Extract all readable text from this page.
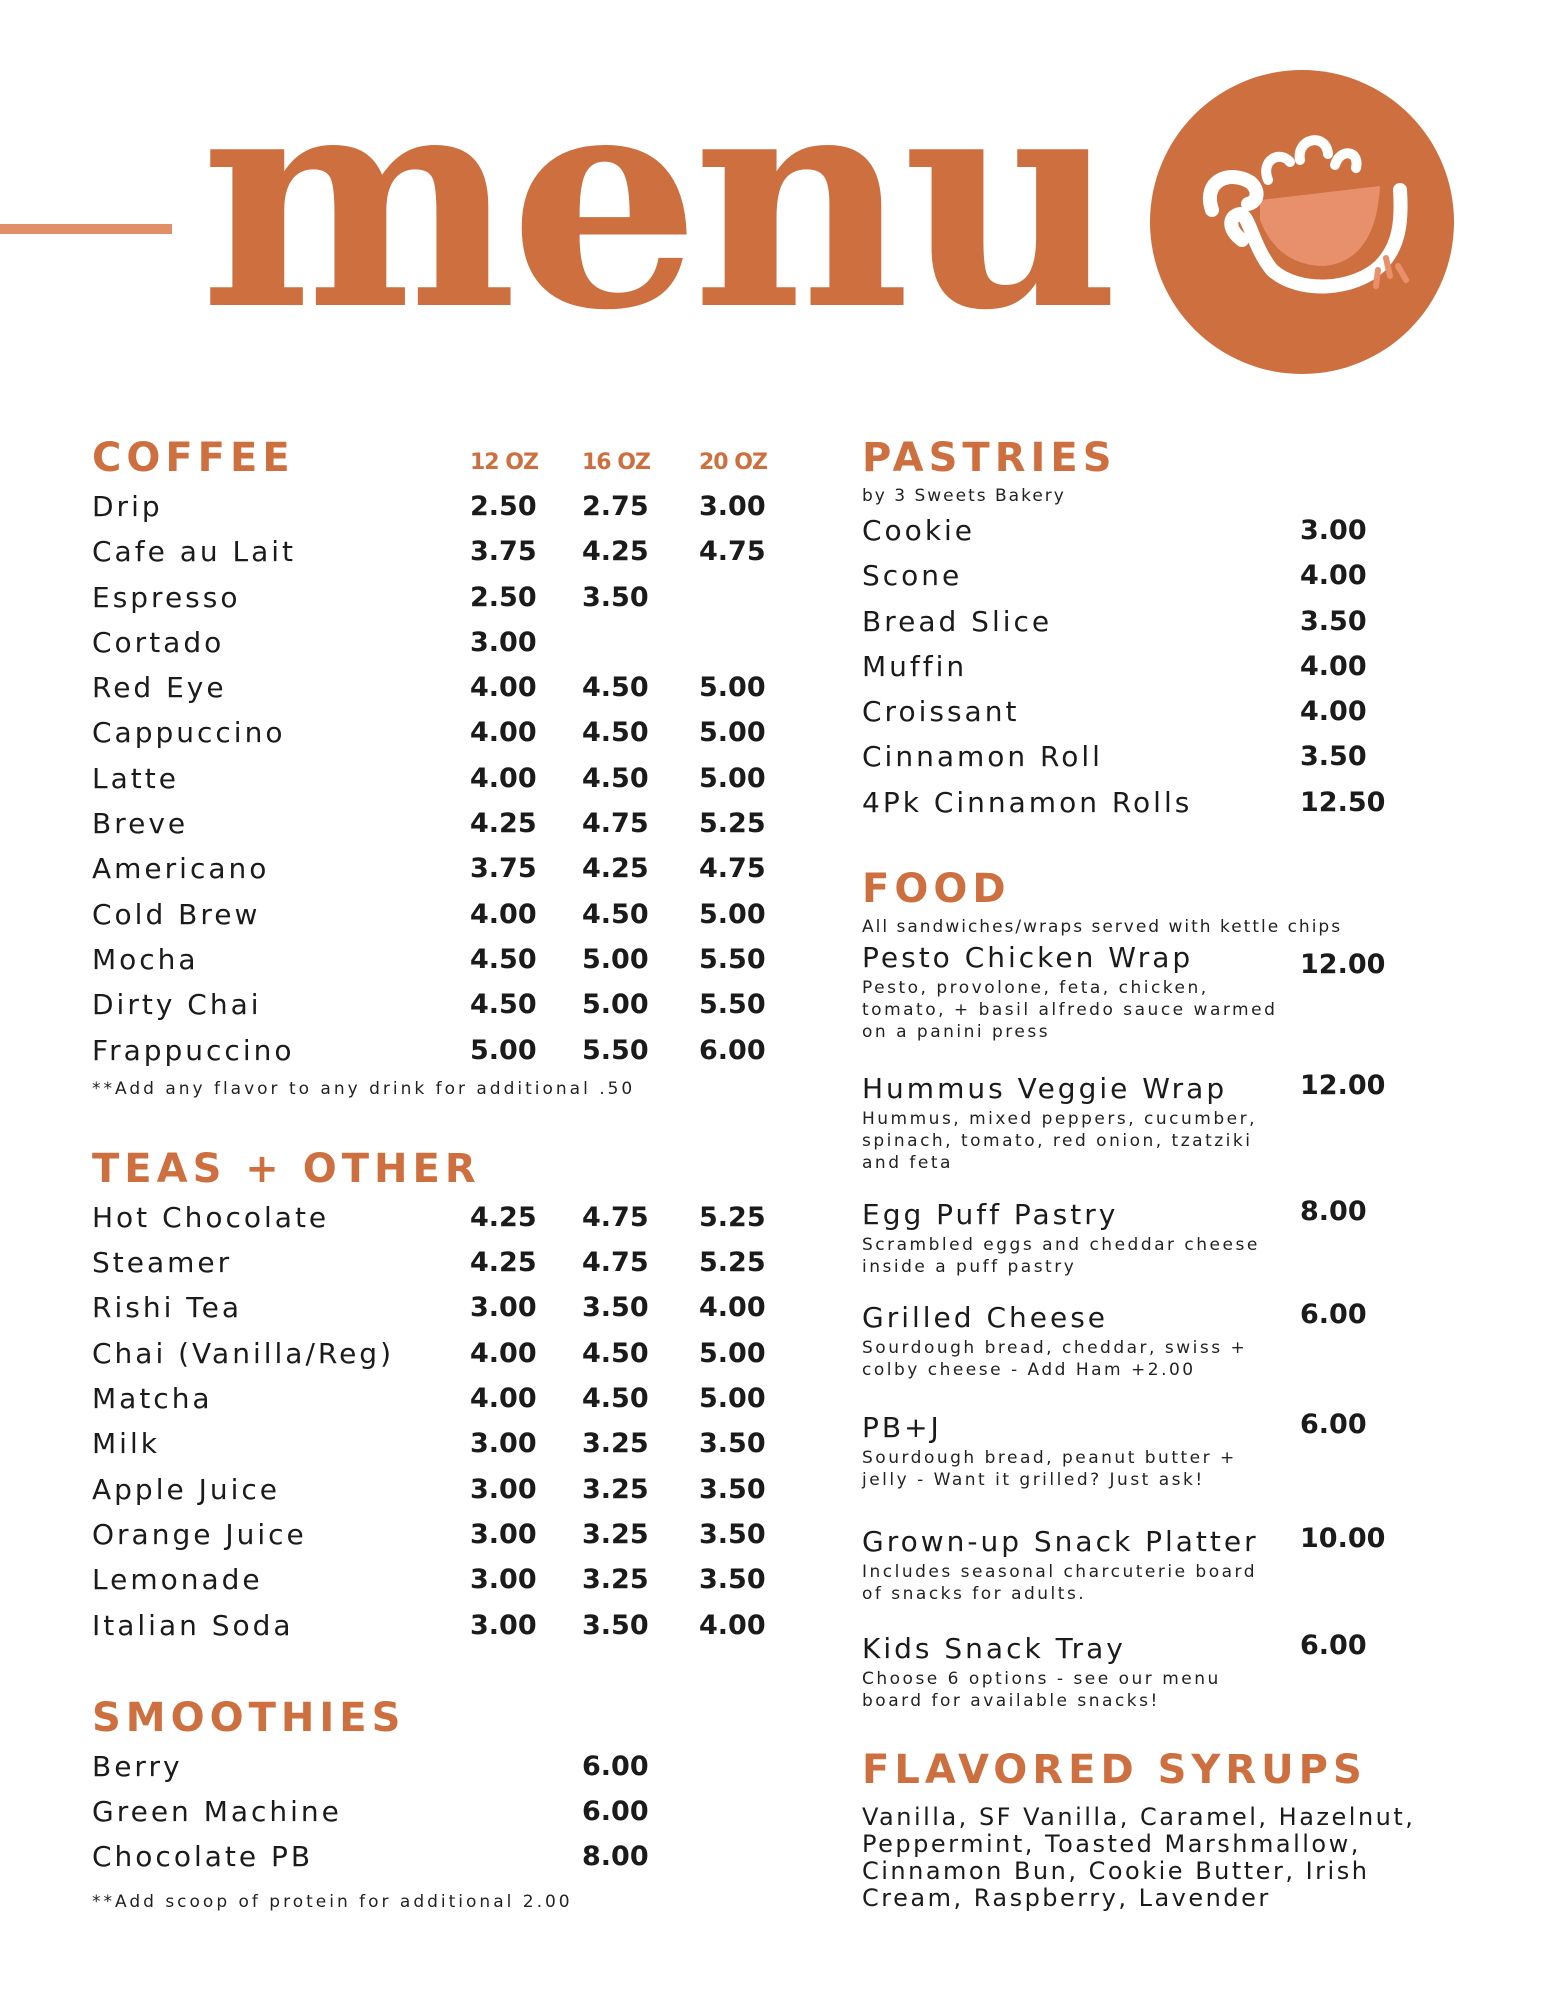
menu
COFFEE	12 OZ 16 OZ 20 OZ
Drip	2.50 2.75 3.00
Cafe au Lait	3.75 4.25 4.75
Espresso	2.50 3.50
Cortado	3.00
Red Eye	4.00 4.50 5.00
Cappuccino	4.00 4.50 5.00
Latte	4.00 4.50 5.00
Breve	4.25 4.75 5.25
Americano	3.75 4.25 4.75
Cold Brew	4.00 4.50 5.00
Mocha	4.50 5.00 5.50
Dirty Chai	4.50 5.00 5.50
Frappuccino	5.00 5.50 6.00

**Add any flavor to any drink for additional .50

TEAS + OTHER
Hot Chocolate	4.25 4.75 5.25
Steamer	4.25 4.75 5.25
Rishi Tea	3.00 3.50 4.00
Chai (Vanilla/Reg)	4.00 4.50 5.00
Matcha	4.00 4.50 5.00
Milk	3.00 3.25 3.50
Apple Juice	3.00 3.25 3.50
Orange Juice	3.00 3.25 3.50
Lemonade	3.00 3.25 3.50
Italian Soda	3.00 3.50 4.00
SMOOTHIES
Berry	6.00
Green Machine	6.00
Chocolate PB	8.00

**Add scoop of protein for additional 2.00

PASTRIES

by 3 Sweets Bakery

Cookie	3.00
Scone	4.00
Bread Slice	3.50
Muffin	4.00
Croissant	4.00
Cinnamon Roll	3.50
4Pk Cinnamon Rolls	12.50
FOOD

All sandwiches/wraps served with kettle chips

Pesto Chicken Wrap	12.00

Pesto, provolone, feta, chicken, tomato, + basil alfredo sauce warmed on a panini press

Hummus Veggie Wrap	12.00

Hummus, mixed peppers, cucumber, spinach, tomato, red onion, tzatziki and feta

Egg Puff Pastry	8.00

Scrambled eggs and cheddar cheese inside a puff pastry

Grilled Cheese	6.00

Sourdough bread, cheddar, swiss + colby cheese - Add Ham +2.00

PB+J	6.00

Sourdough bread, peanut butter + jelly - Want it grilled? Just ask!

Grown-up Snack Platter	10.00

Includes seasonal charcuterie board of snacks for adults.

Kids Snack Tray	6.00

Choose 6 options - see our menu board for available snacks!

FLAVORED SYRUPS

Vanilla, SF Vanilla, Caramel, Hazelnut, Peppermint, Toasted Marshmallow, Cinnamon Bun, Cookie Butter, Irish Cream, Raspberry, Lavender
